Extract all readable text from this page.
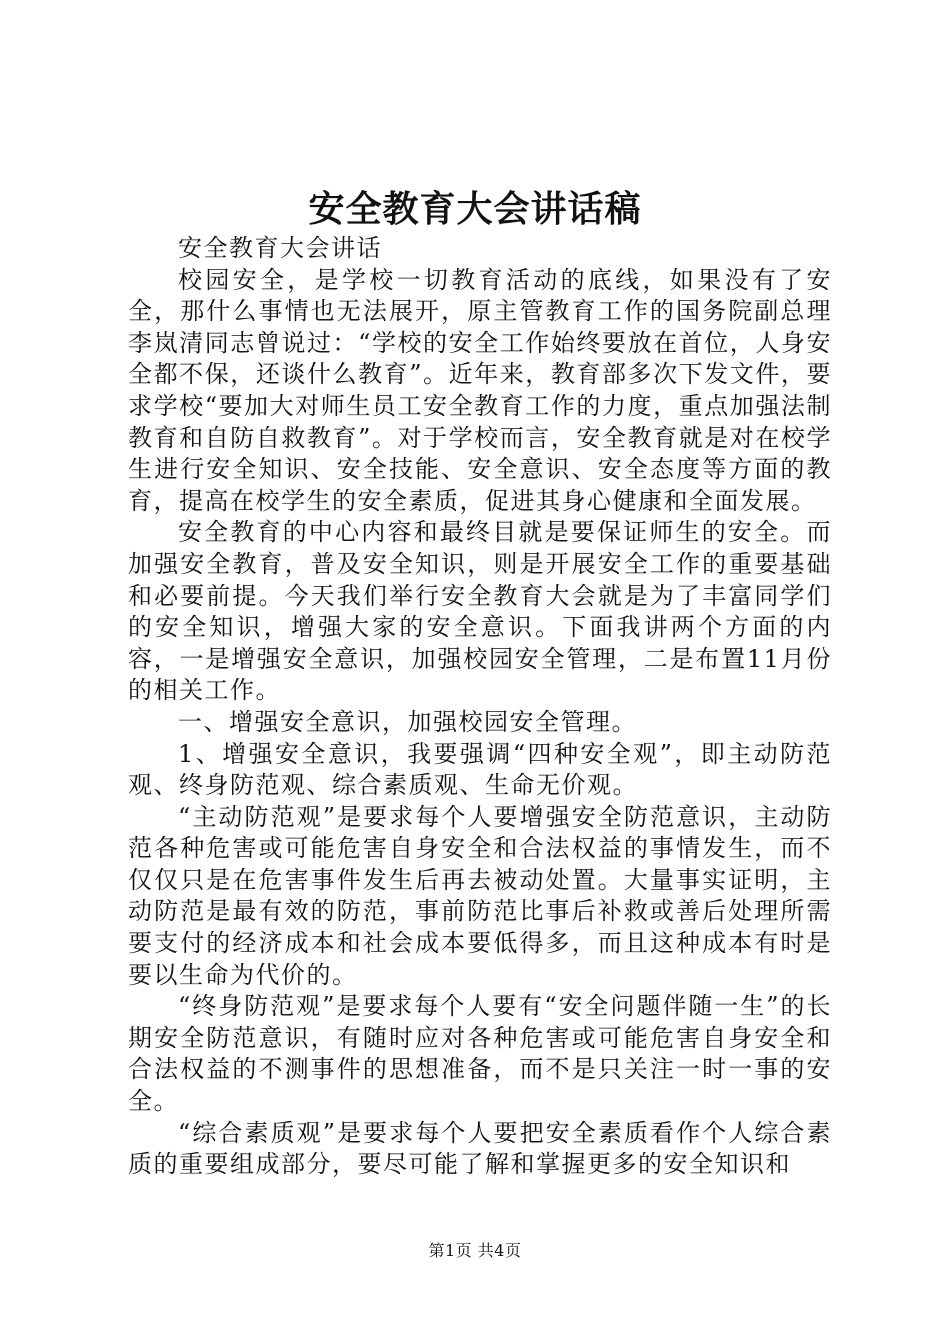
安全教育大会讲话稿

安全教育大会讲话

校园安全，是学校一切教育活动的底线，如果没有了安全，那什么事情也无法展开，原主管教育工作的国务院副总理李岚清同志曾说过：“学校的安全工作始终要放在首位，人身安全都不保，还谈什么教育”。近年来，教育部多次下发文件，要求学校“要加大对师生员工安全教育工作的力度，重点加强法制教育和自防自救教育”。对于学校而言，安全教育就是对在校学生进行安全知识、安全技能、安全意识、安全态度等方面的教育，提高在校学生的安全素质，促进其身心健康和全面发展。

安全教育的中心内容和最终目就是要保证师生的安全。而加强安全教育，普及安全知识，则是开展安全工作的重要基础和必要前提。今天我们举行安全教育大会就是为了丰富同学们的安全知识，增强大家的安全意识。下面我讲两个方面的内容，一是增强安全意识，加强校园安全管理，二是布置11月份的相关工作。

一、增强安全意识，加强校园安全管理。

1、增强安全意识，我要强调“四种安全观”，即主动防范观、终身防范观、综合素质观、生命无价观。

“主动防范观”是要求每个人要增强安全防范意识，主动防范各种危害或可能危害自身安全和合法权益的事情发生，而不仅仅只是在危害事件发生后再去被动处置。大量事实证明，主动防范是最有效的防范，事前防范比事后补救或善后处理所需要支付的经济成本和社会成本要低得多，而且这种成本有时是要以生命为代价的。

“终身防范观”是要求每个人要有“安全问题伴随一生”的长期安全防范意识，有随时应对各种危害或可能危害自身安全和合法权益的不测事件的思想准备，而不是只关注一时一事的安全。

“综合素质观”是要求每个人要把安全素质看作个人综合素质的重要组成部分，要尽可能了解和掌握更多的安全知识和

第1页 共4页
